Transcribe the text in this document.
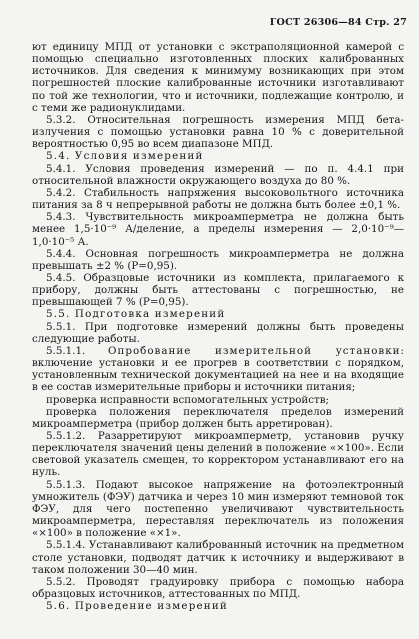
ГОСТ 26306—84 Стр. 27

ют единицу МПД от установки с экстраполяционной камерой с помощью специально изготовленных плоских калиброванных источников. Для сведения к минимуму возникающих при этом погрешностей плоские калиброванные источники изготавливают по той же технологии, что и источники, подлежащие контролю, и с теми же радионуклидами.

5.3.2. Относительная погрешность измерения МПД бета-излучения с помощью установки равна 10 % с доверительной вероятностью 0,95 во всем диапазоне МПД.

5.4. Условия измерений

5.4.1. Условия проведения измерений — по п. 4.4.1 при относительной влажности окружающего воздуха до 80 %.

5.4.2. Стабильность напряжения высоковольтного источника питания за 8 ч непрерывной работы не должна быть более ±0,1 %.

5.4.3. Чувствительность микроамперметра не должна быть менее 1,5·10⁻⁹ А/деление, а пределы измерения — 2,0·10⁻⁹—1,0·10⁻⁵ А.

5.4.4. Основная погрешность микроамперметра не должна превышать ±2 % (P=0,95).

5.4.5. Образцовые источники из комплекта, прилагаемого к прибору, должны быть аттестованы с погрешностью, не превышающей 7 % (P=0,95).

5.5. Подготовка измерений

5.5.1. При подготовке измерений должны быть проведены следующие работы.

5.5.1.1. Опробование измерительной установки: включение установки и ее прогрев в соответствии с порядком, установленным технической документацией на нее и на входящие в ее состав измерительные приборы и источники питания;

проверка исправности вспомогательных устройств;

проверка положения переключателя пределов измерений микроамперметра (прибор должен быть арретирован).

5.5.1.2. Разарретируют микроамперметр, установив ручку переключателя значений цены делений в положение «×100». Если световой указатель смещен, то корректором устанавливают его на нуль.

5.5.1.3. Подают высокое напряжение на фотоэлектронный умножитель (ФЭУ) датчика и через 10 мин измеряют темновой ток ФЭУ, для чего постепенно увеличивают чувствительность микроамперметра, переставляя переключатель из положения «×100» в положение «×1».

5.5.1.4. Устанавливают калиброванный источник на предметном столе установки, подводят датчик к источнику и выдерживают в таком положении 30—40 мин.

5.5.2. Проводят градуировку прибора с помощью набора образцовых источников, аттестованных по МПД.

5.6. Проведение измерений
